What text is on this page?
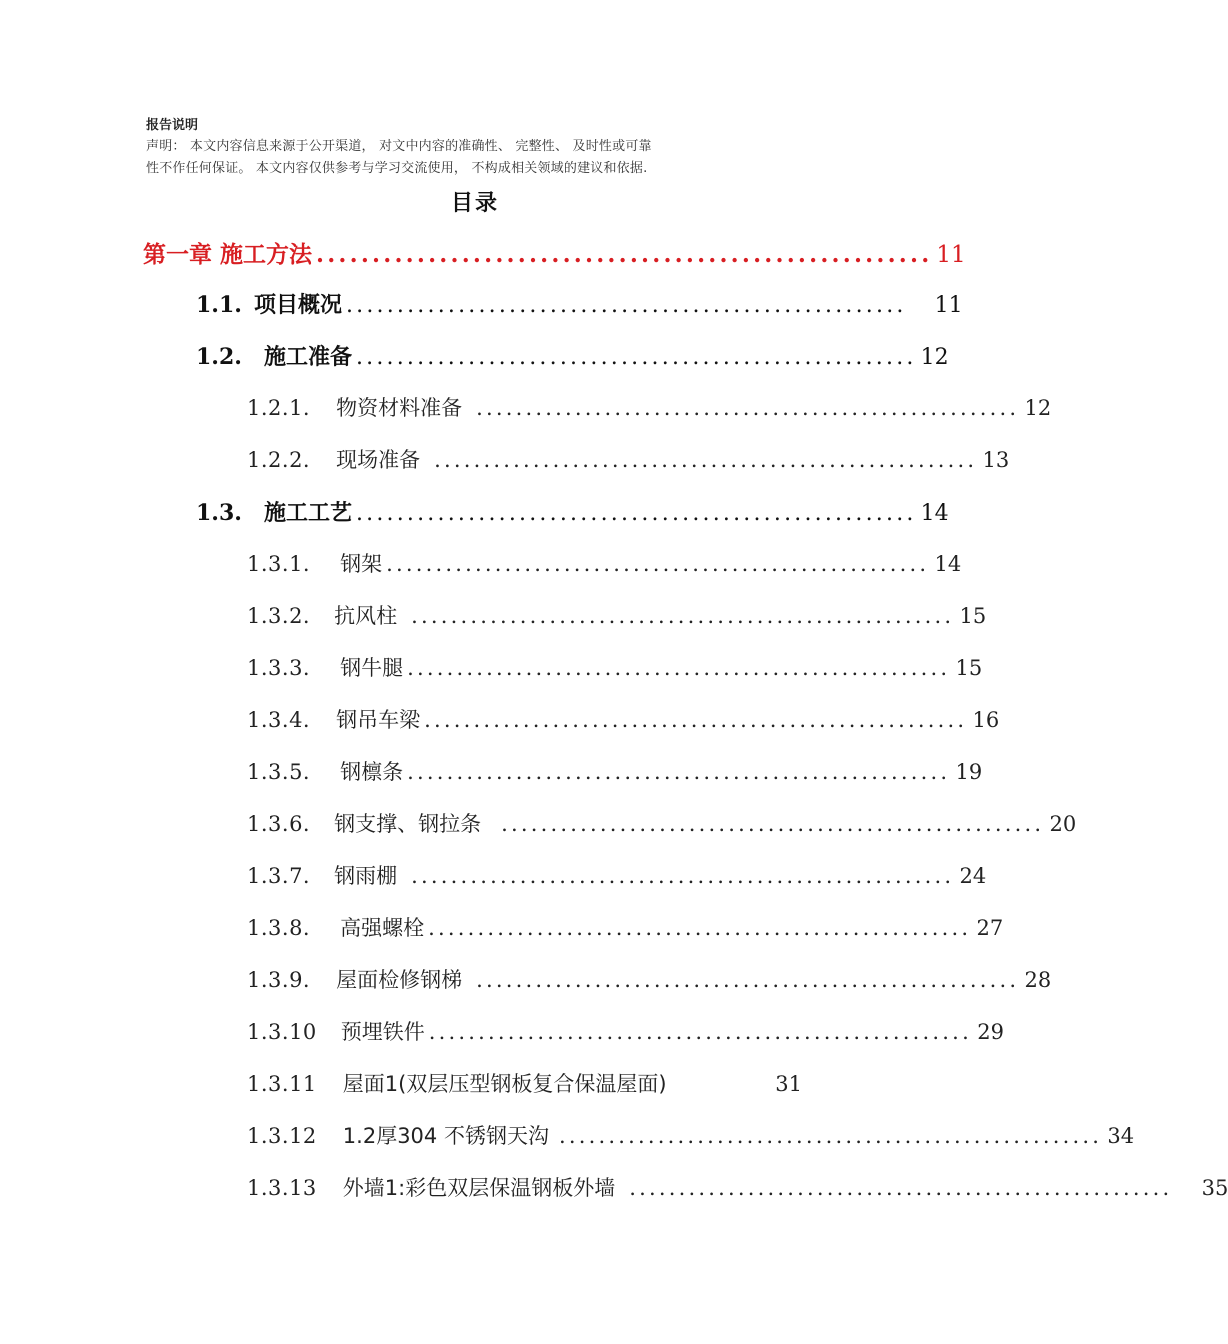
报告说明
声明： 本文内容信息来源于公开渠道， 对文中内容的准确性、 完整性、 及时性或可靠
性不作任何保证。 本文内容仅供参考与学习交流使用， 不构成相关领域的建议和依据.
目录
第一章 施工方法 ....................................................... 11
1.1. 项目概况 ....................................................... 11
1.2. 施工准备 ....................................................... 12
1.2.1. 物资材料准备 ....................................................... 12
1.2.2. 现场准备 ....................................................... 13
1.3. 施工工艺 ....................................................... 14
1.3.1. 钢架 ....................................................... 14
1.3.2. 抗风柱 ....................................................... 15
1.3.3. 钢牛腿 ....................................................... 15
1.3.4. 钢吊车梁 ....................................................... 16
1.3.5. 钢檩条 ....................................................... 19
1.3.6. 钢支撑、钢拉条 ....................................................... 20
1.3.7. 钢雨棚 ....................................................... 24
1.3.8. 高强螺栓 ....................................................... 27
1.3.9. 屋面检修钢梯 ....................................................... 28
1.3.10 预埋铁件 ....................................................... 29
1.3.11 屋面1(双层压型钢板复合保温屋面)	31
1.3.12 1.2厚304 不锈钢天沟 ....................................................... 34
1.3.13 外墙1:彩色双层保温钢板外墙 ....................................................... 35
